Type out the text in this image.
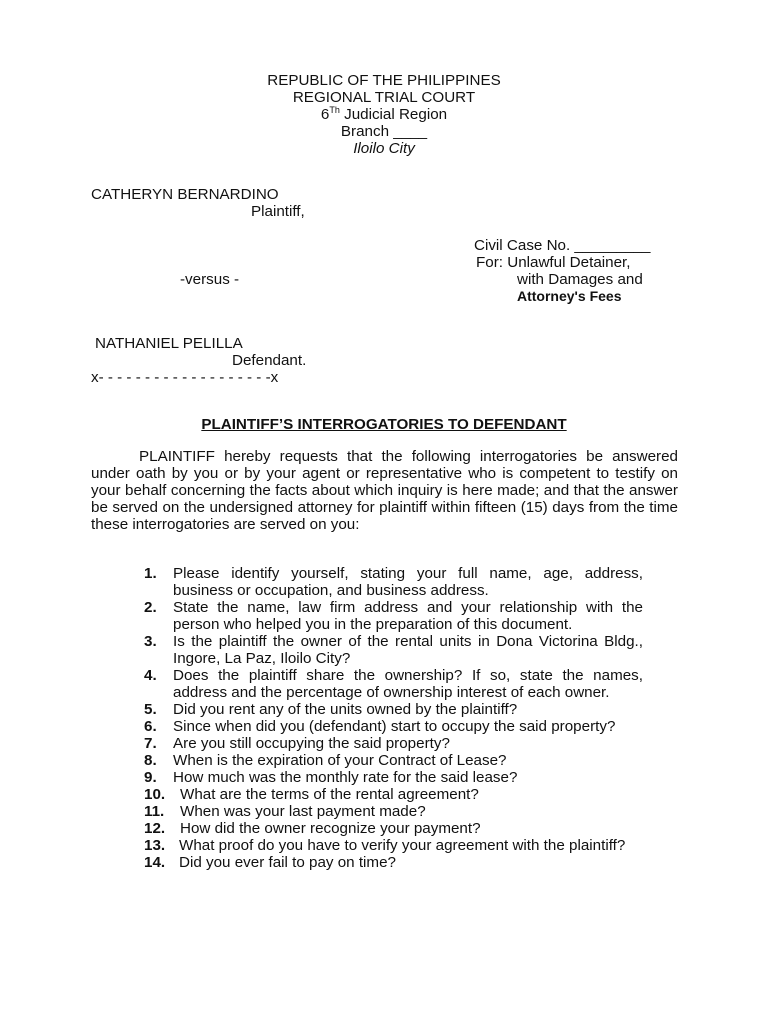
REPUBLIC OF THE PHILIPPINES
REGIONAL TRIAL COURT
6Th Judicial Region
Branch ____
Iloilo City
CATHERYN BERNARDINO
Plaintiff,
Civil Case No. _________
For: Unlawful Detainer,
-versus -	with Damages and
Attorney's Fees
NATHANIEL PELILLA
Defendant.
x- - - - - - - - - - - - - - - - - - -x
PLAINTIFF’S INTERROGATORIES TO DEFENDANT
PLAINTIFF hereby requests that the following interrogatories be answered under oath by you or by your agent or representative who is competent to testify on your behalf concerning the facts about which inquiry is here made; and that the answer be served on the undersigned attorney for plaintiff within fifteen (15) days from the time these interrogatories are served on you:
1. Please identify yourself, stating your full name, age, address, business or occupation, and business address.
2. State the name, law firm address and your relationship with the person who helped you in the preparation of this document.
3. Is the plaintiff the owner of the rental units in Dona Victorina Bldg., Ingore, La Paz, Iloilo City?
4. Does the plaintiff share the ownership? If so, state the names, address and the percentage of ownership interest of each owner.
5. Did you rent any of the units owned by the plaintiff?
6. Since when did you (defendant) start to occupy the said property?
7. Are you still occupying the said property?
8. When is the expiration of your Contract of Lease?
9. How much was the monthly rate for the said lease?
10. What are the terms of the rental agreement?
11. When was your last payment made?
12. How did the owner recognize your payment?
13. What proof do you have to verify your agreement with the plaintiff?
14. Did you ever fail to pay on time?
